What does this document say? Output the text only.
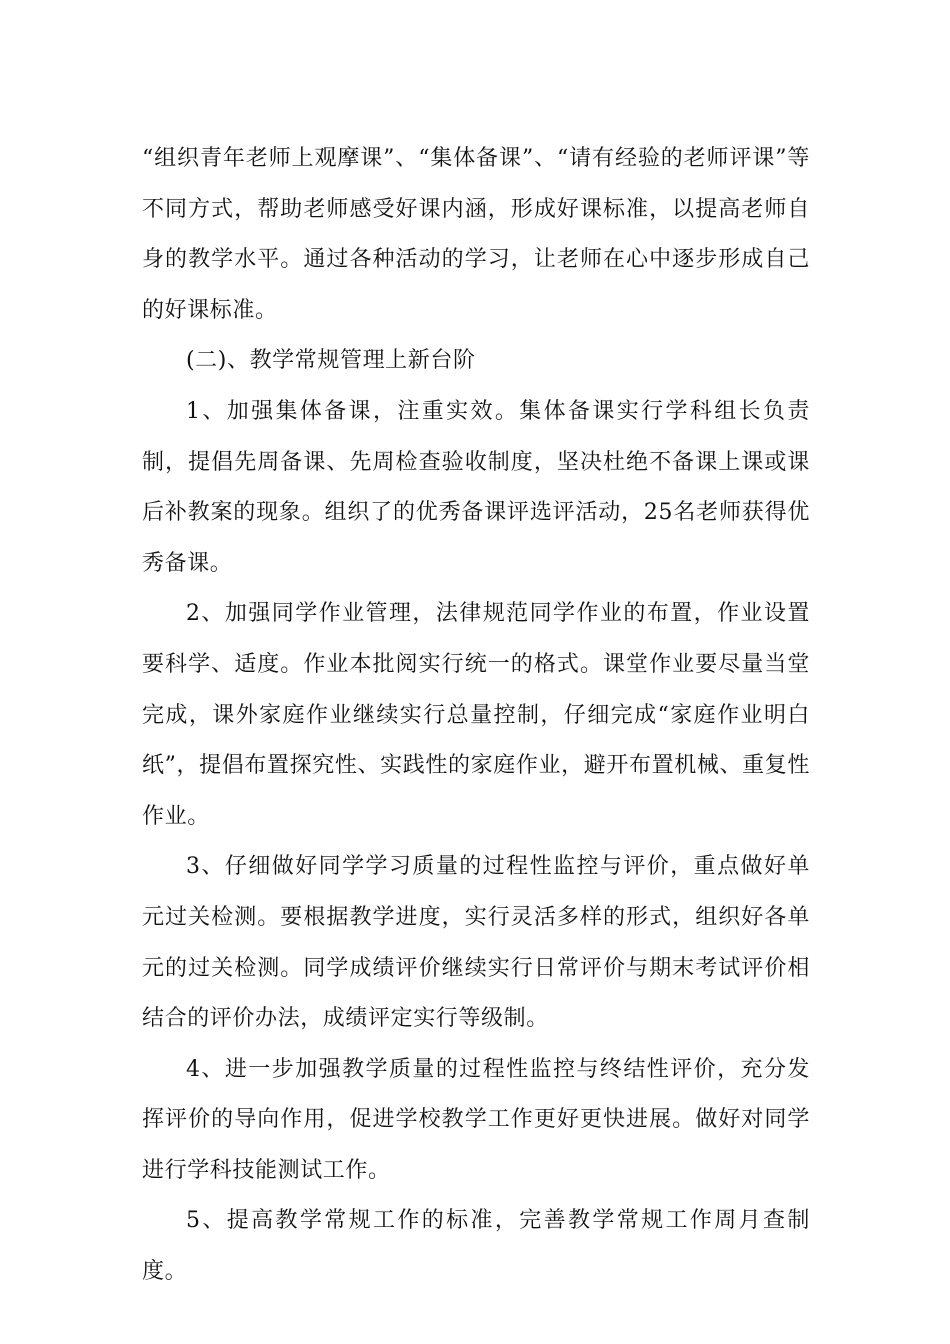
“组织青年老师上观摩课”、“集体备课”、“请有经验的老师评课”等不同方式，帮助老师感受好课内涵，形成好课标准，以提高老师自身的教学水平。通过各种活动的学习，让老师在心中逐步形成自己的好课标准。

(二)、教学常规管理上新台阶

1、加强集体备课，注重实效。集体备课实行学科组长负责制，提倡先周备课、先周检查验收制度，坚决杜绝不备课上课或课后补教案的现象。组织了的优秀备课评选评活动，25名老师获得优秀备课。

2、加强同学作业管理，法律规范同学作业的布置，作业设置要科学、适度。作业本批阅实行统一的格式。课堂作业要尽量当堂完成，课外家庭作业继续实行总量控制，仔细完成“家庭作业明白纸”，提倡布置探究性、实践性的家庭作业，避开布置机械、重复性作业。

3、仔细做好同学学习质量的过程性监控与评价，重点做好单元过关检测。要根据教学进度，实行灵活多样的形式，组织好各单元的过关检测。同学成绩评价继续实行日常评价与期末考试评价相结合的评价办法，成绩评定实行等级制。

4、进一步加强教学质量的过程性监控与终结性评价，充分发挥评价的导向作用，促进学校教学工作更好更快进展。做好对同学进行学科技能测试工作。

5、提高教学常规工作的标准，完善教学常规工作周月查制度。
